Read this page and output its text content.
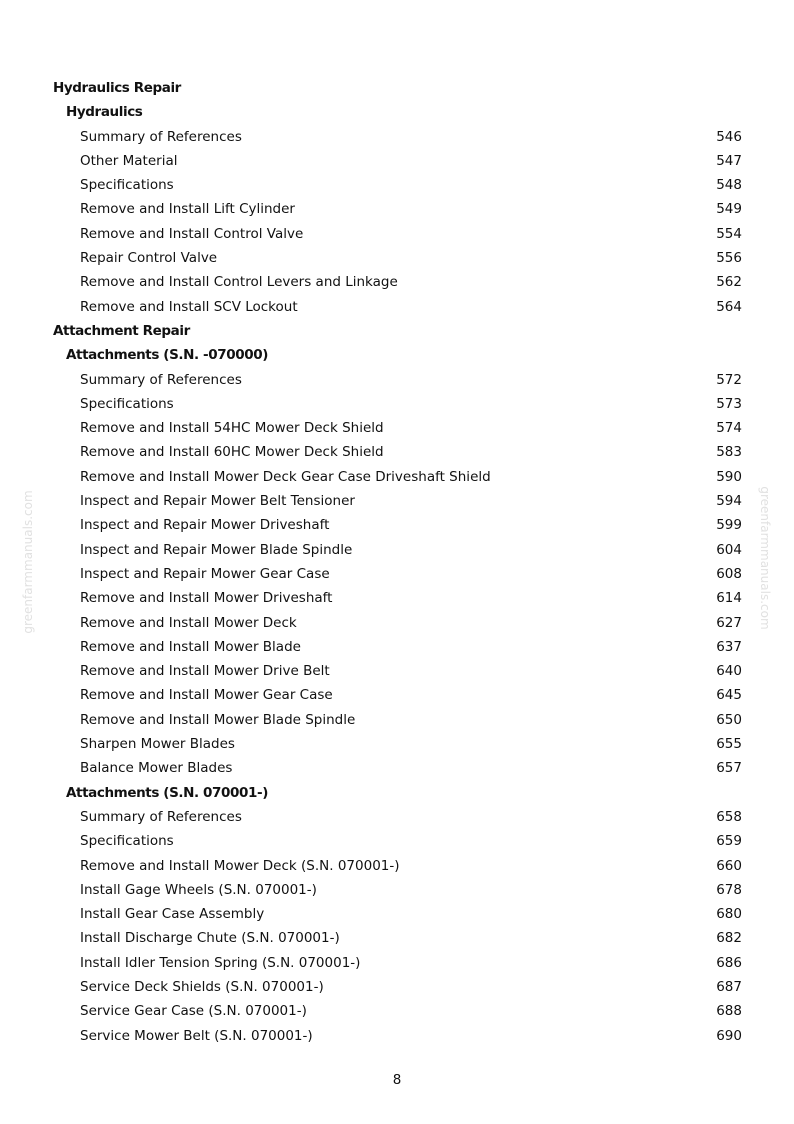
Hydraulics Repair
Hydraulics
Summary of References	546
Other Material	547
Specifications	548
Remove and Install Lift Cylinder	549
Remove and Install Control Valve	554
Repair Control Valve	556
Remove and Install Control Levers and Linkage	562
Remove and Install SCV Lockout	564
Attachment Repair
Attachments (S.N. -070000)
Summary of References	572
Specifications	573
Remove and Install 54HC Mower Deck Shield	574
Remove and Install 60HC Mower Deck Shield	583
Remove and Install Mower Deck Gear Case Driveshaft Shield	590
Inspect and Repair Mower Belt Tensioner	594
Inspect and Repair Mower Driveshaft	599
Inspect and Repair Mower Blade Spindle	604
Inspect and Repair Mower Gear Case	608
Remove and Install Mower Driveshaft	614
Remove and Install Mower Deck	627
Remove and Install Mower Blade	637
Remove and Install Mower Drive Belt	640
Remove and Install Mower Gear Case	645
Remove and Install Mower Blade Spindle	650
Sharpen Mower Blades	655
Balance Mower Blades	657
Attachments (S.N. 070001-)
Summary of References	658
Specifications	659
Remove and Install Mower Deck (S.N. 070001-)	660
Install Gage Wheels (S.N. 070001-)	678
Install Gear Case Assembly	680
Install Discharge Chute (S.N. 070001-)	682
Install Idler Tension Spring (S.N. 070001-)	686
Service Deck Shields (S.N. 070001-)	687
Service Gear Case (S.N. 070001-)	688
Service Mower Belt (S.N. 070001-)	690
8
greenfarmmanuals.com	greenfarmmanuals.com
